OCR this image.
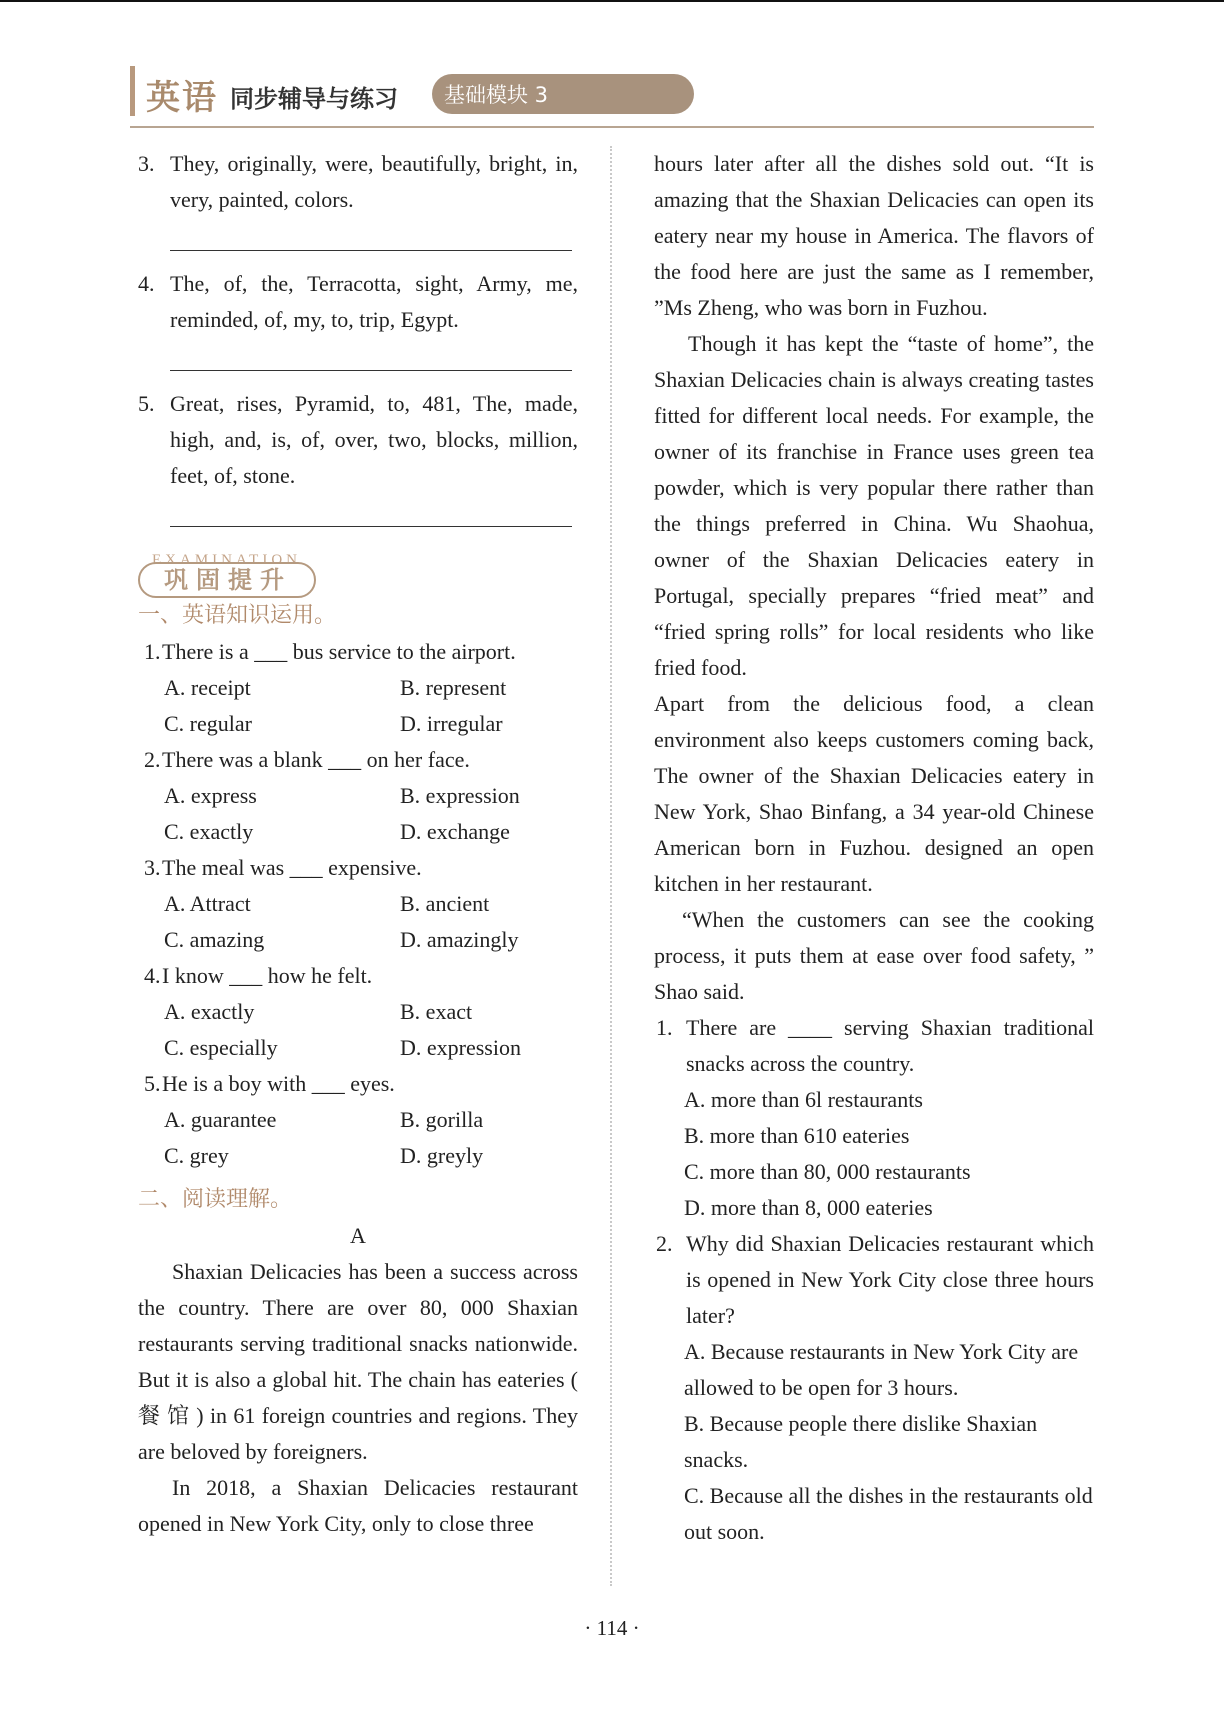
英语 同步辅导与练习	基础模块 3
3. They, originally, were, beautifully, bright, in, very, painted, colors.
4. The, of, the, Terracotta, sight, Army, me, reminded, of, my, to, trip, Egypt.
5. Great, rises, Pyramid, to, 481, The, made, high, and, is, of, over, two, blocks, million, feet, of, stone.
EXAMINATION
巩固提升
一、英语知识运用。
1. There is a ___ bus service to the airport.
A. receipt	B. represent
C. regular	D. irregular
2. There was a blank ___ on her face.
A. express	B. expression
C. exactly	D. exchange
3. The meal was ___ expensive.
A. Attract	B. ancient
C. amazing	D. amazingly
4. I know ___ how he felt.
A. exactly	B. exact
C. especially	D. expression
5. He is a boy with ___ eyes.
A. guarantee	B. gorilla
C. grey	D. greyly
二、阅读理解。
A
Shaxian Delicacies has been a success across the country. There are over 80, 000 Shaxian restaurants serving traditional snacks nationwide. But it is also a global hit. The chain has eateries ( 餐 馆 ) in 61 foreign countries and regions. They are beloved by foreigners.
In 2018, a Shaxian Delicacies restaurant opened in New York City, only to close three
hours later after all the dishes sold out. “It is amazing that the Shaxian Delicacies can open its eatery near my house in America. The flavors of the food here are just the same as I remember, ”Ms Zheng, who was born in Fuzhou.
Though it has kept the “taste of home”, the Shaxian Delicacies chain is always creating tastes fitted for different local needs. For example, the owner of its franchise in France uses green tea powder, which is very popular there rather than the things preferred in China. Wu Shaohua, owner of the Shaxian Delicacies eatery in Portugal, specially prepares “fried meat” and “fried spring rolls” for local residents who like fried food.
Apart from the delicious food, a clean environment also keeps customers coming back, The owner of the Shaxian Delicacies eatery in New York, Shao Binfang, a 34 year-old Chinese American born in Fuzhou. designed an open kitchen in her restaurant.
“When the customers can see the cooking process, it puts them at ease over food safety, ” Shao said.
1. There are ____ serving Shaxian traditional snacks across the country.
A. more than 6l restaurants
B. more than 610 eateries
C. more than 80, 000 restaurants
D. more than 8, 000 eateries
2. Why did Shaxian Delicacies restaurant which is opened in New York City close three hours later?
A. Because restaurants in New York City are allowed to be open for 3 hours.
B. Because people there dislike Shaxian snacks.
C. Because all the dishes in the restaurants old out soon.
· 114 ·
